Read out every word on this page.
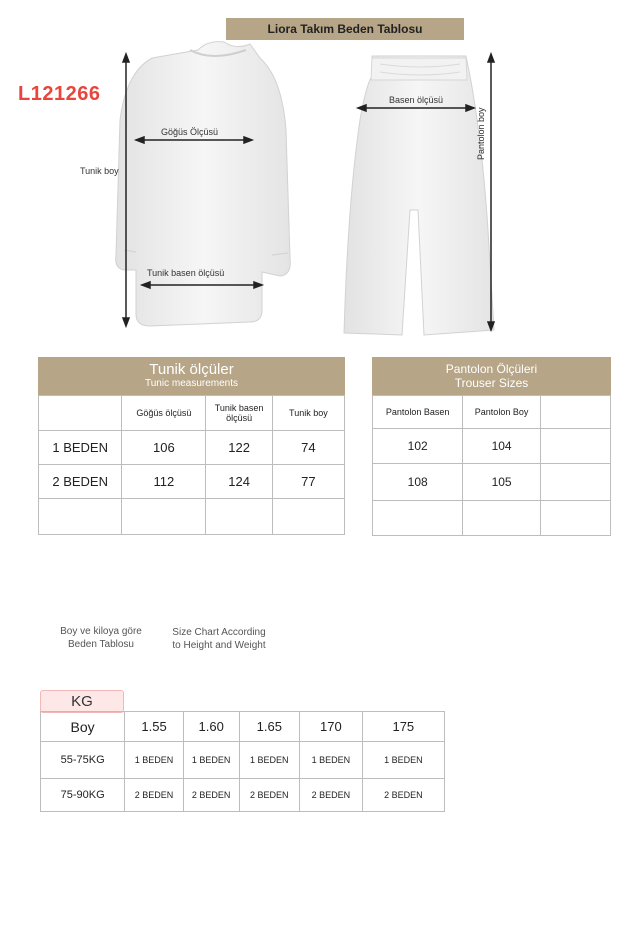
Liora Takım Beden Tablosu
L121266
Tunik boy
Göğüs Ölçüsü
Tunik basen ölçüsü
Basen ölçüsü
Pantolon boy
Tunik ölçüler
Tunic measurements
	Göğüs ölçüsü	Tunik basen ölçüsü	Tunik boy
1 BEDEN	106	122	74
2 BEDEN	112	124	77

Pantolon Ölçüleri
Trouser Sizes
Pantolon Basen	Pantolon Boy	
102	104	
108	105	

Boy ve kiloya göre
Beden Tablosu
Size Chart According
to Height and Weight
KG
Boy	1.55	1.60	1.65	170	175
55-75KG	1 BEDEN	1 BEDEN	1 BEDEN	1 BEDEN	1 BEDEN
75-90KG	2 BEDEN	2 BEDEN	2 BEDEN	2 BEDEN	2 BEDEN
